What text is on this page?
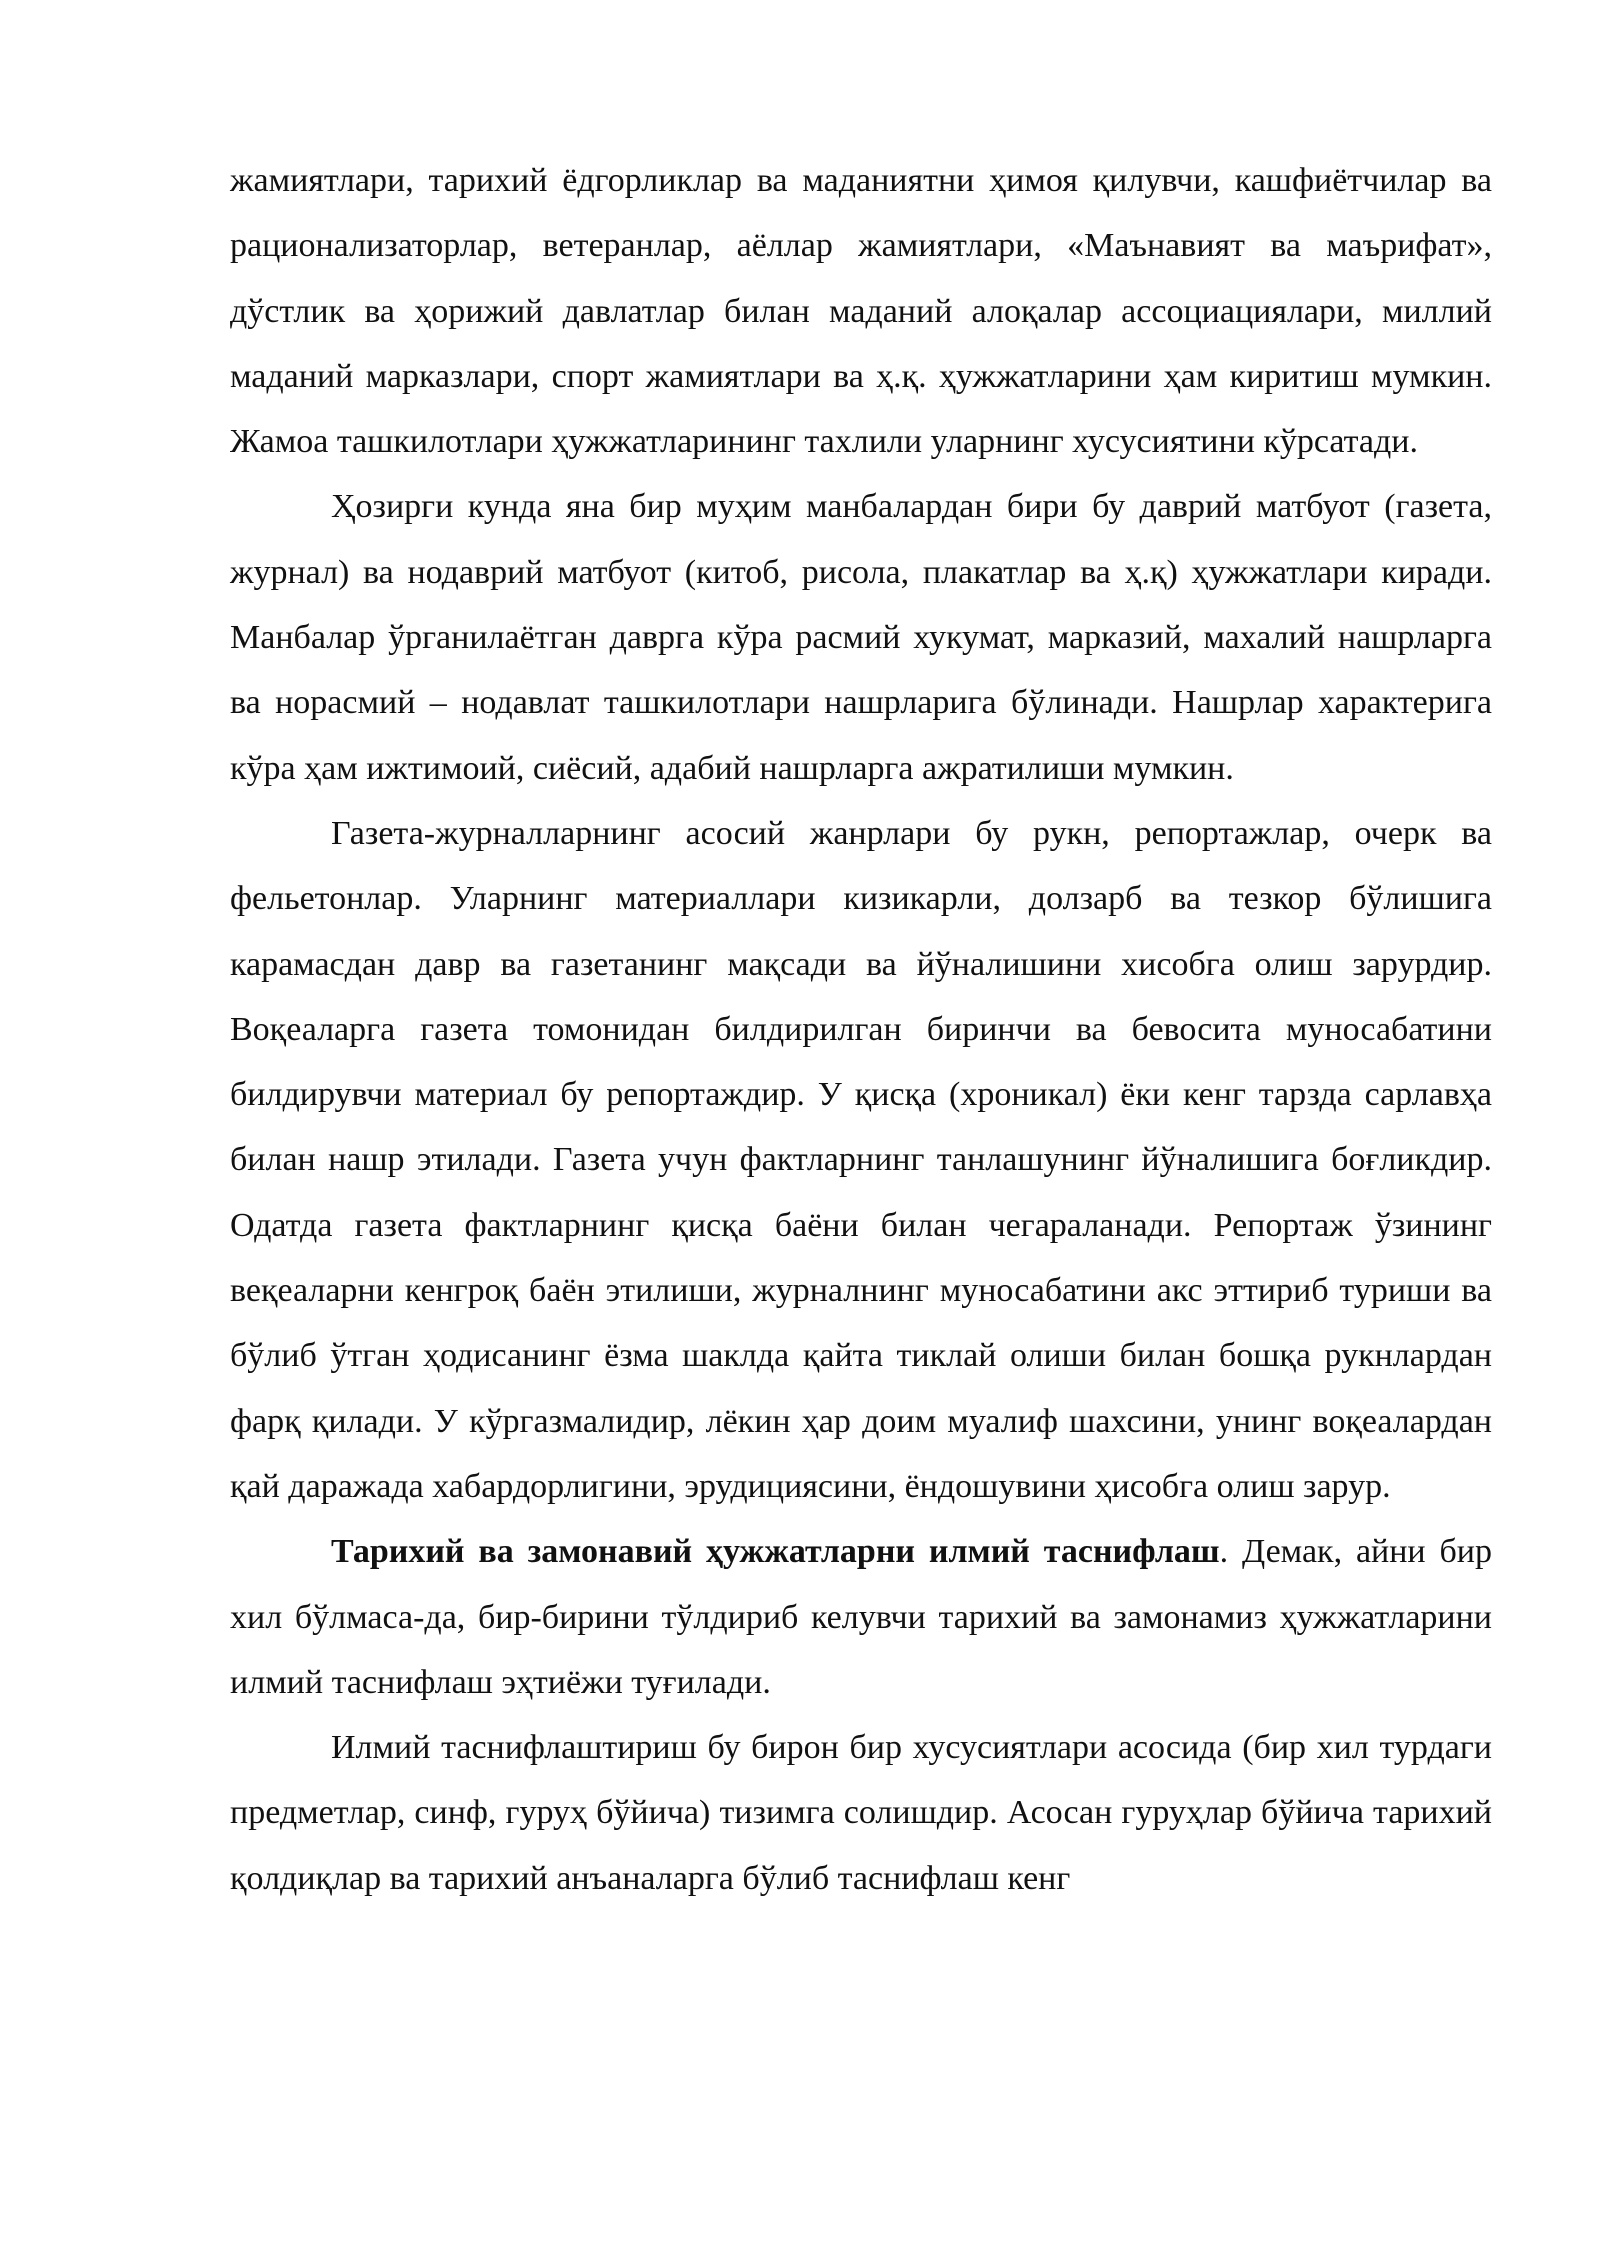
жамиятлари, тарихий ёдгорликлар ва маданиятни ҳимоя қилувчи, кашфиётчилар ва рационализаторлар, ветеранлар, аёллар жамиятлари, «Маънавият ва маърифат», дўстлик ва ҳорижий давлатлар билан маданий алоқалар ассоциациялари, миллий маданий марказлари, спорт жамиятлари ва ҳ.қ. ҳужжатларини ҳам киритиш мумкин. Жамоа ташкилотлари ҳужжатларининг тахлили уларнинг хусусиятини кўрсатади.

Ҳозирги кунда яна бир муҳим манбалардан бири бу даврий матбуот (газета, журнал) ва нодаврий матбуот (китоб, рисола, плакатлар ва ҳ.қ) ҳужжатлари киради. Манбалар ўрганилаётган даврга кўра расмий хукумат, марказий, махалий нашрларга ва норасмий – нодавлат ташкилотлари нашрларига бўлинади. Нашрлар характерига кўра ҳам ижтимоий, сиёсий, адабий нашрларга ажратилиши мумкин.

Газета-журналларнинг асосий жанрлари бу рукн, репортажлар, очерк ва фельетонлар. Уларнинг материаллари кизикарли, долзарб ва тезкор бўлишига карамасдан давр ва газетанинг мақсади ва йўналишини хисобга олиш зарурдир. Воқеаларга газета томонидан билдирилган биринчи ва бевосита муносабатини билдирувчи материал бу репортаждир. У қисқа (хроникал) ёки кенг тарзда сарлавҳа билан нашр этилади. Газета учун фактларнинг танлашунинг йўналишига боғликдир. Одатда газета фактларнинг қисқа баёни билан чегараланади. Репортаж ўзининг веқеаларни кенгроқ баён этилиши, журналнинг муносабатини акс эттириб туриши ва бўлиб ўтган ҳодисанинг ёзма шаклда қайта тиклай олиши билан бошқа рукнлардан фарқ қилади. У кўргазмалидир, лёкин ҳар доим муалиф шахсини, унинг воқеалардан қай даражада хабардорлигини, эрудициясини, ёндошувини ҳисобга олиш зарур.

Тарихий ва замонавий ҳужжатларни илмий таснифлаш. Демак, айни бир хил бўлмаса-да, бир-бирини тўлдириб келувчи тарихий ва замонамиз ҳужжатларини илмий таснифлаш эҳтиёжи туғилади.

Илмий таснифлаштириш бу бирон бир хусусиятлари асосида (бир хил турдаги предметлар, синф, гуруҳ бўйича) тизимга солишдир. Асосан гуруҳлар бўйича тарихий қолдиқлар ва тарихий анъаналарга бўлиб таснифлаш кенг
